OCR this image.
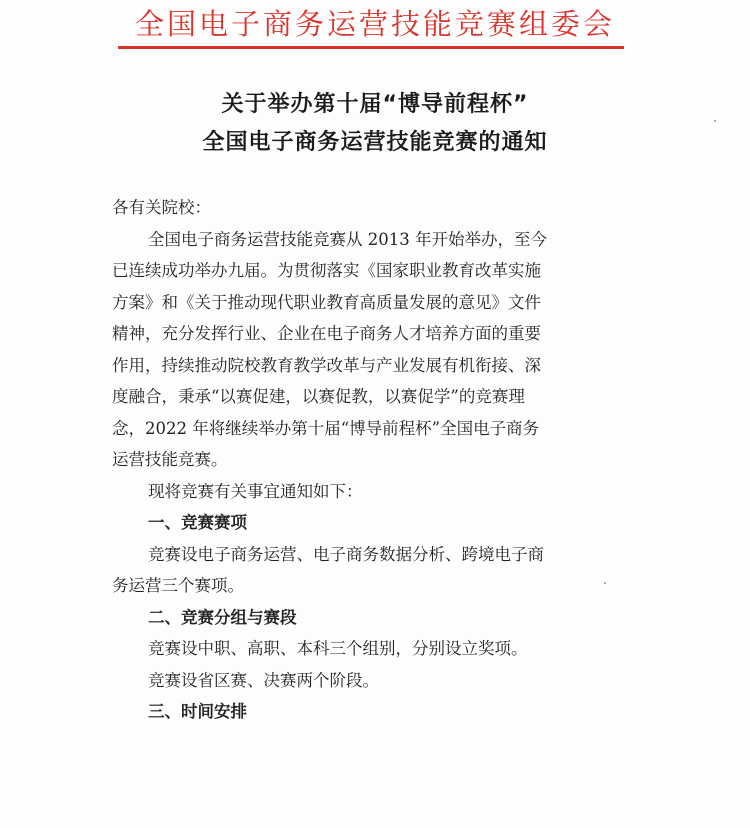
全国电子商务运营技能竞赛组委会
关于举办第十届“博导前程杯”
全国电子商务运营技能竞赛的通知
各有关院校：
全国电子商务运营技能竞赛从 2013 年开始举办，至今
已连续成功举办九届。为贯彻落实《国家职业教育改革实施
方案》和《关于推动现代职业教育高质量发展的意见》文件
精神，充分发挥行业、企业在电子商务人才培养方面的重要
作用，持续推动院校教育教学改革与产业发展有机衔接、深
度融合，秉承“以赛促建，以赛促教，以赛促学”的竞赛理
念，2022 年将继续举办第十届“博导前程杯”全国电子商务
运营技能竞赛。
现将竞赛有关事宜通知如下：
一、竞赛赛项
竞赛设电子商务运营、电子商务数据分析、跨境电子商
务运营三个赛项。
二、竞赛分组与赛段
竞赛设中职、高职、本科三个组别，分别设立奖项。
竞赛设省区赛、决赛两个阶段。
三、时间安排
